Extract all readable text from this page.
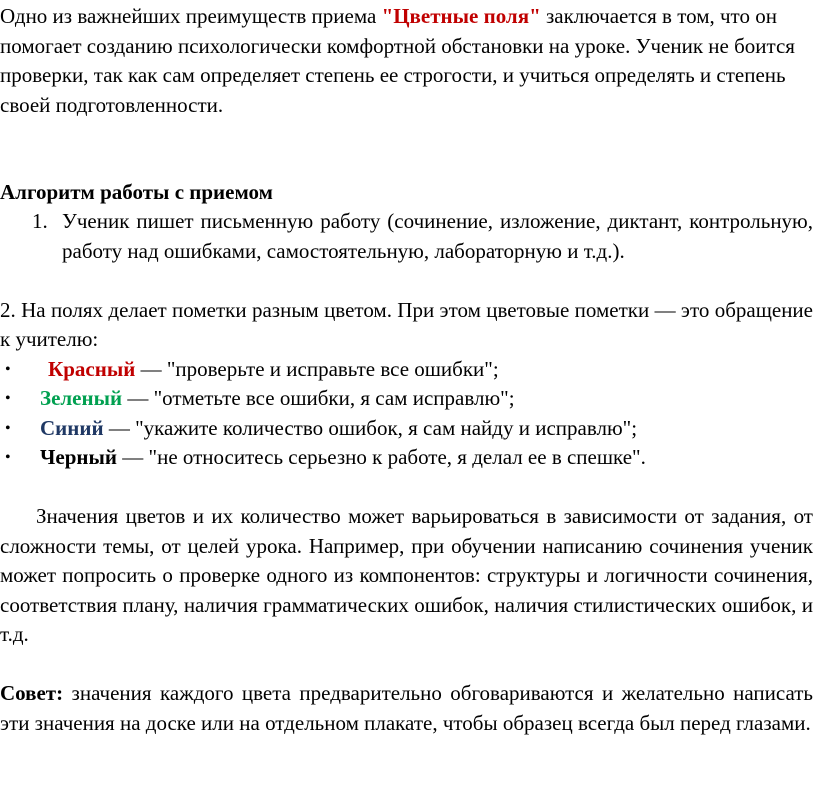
Одно из важнейших преимуществ приема "Цветные поля" заключается в том, что он помогает созданию психологически комфортной обстановки на уроке. Ученик не боится проверки, так как сам определяет степень ее строгости, и учиться определять и степень своей подготовленности.

Алгоритм работы с приемом

1. Ученик пишет письменную работу (сочинение, изложение, диктант, контрольную, работу над ошибками, самостоятельную, лабораторную и т.д.).

2. На полях делает пометки разным цветом. При этом цветовые пометки — это обращение к учителю:

• Красный — "проверьте и исправьте все ошибки";
• Зеленый — "отметьте все ошибки, я сам исправлю";
• Синий — "укажите количество ошибок, я сам найду и исправлю";
• Черный — "не относитесь серьезно к работе, я делал ее в спешке".

Значения цветов и их количество может варьироваться в зависимости от задания, от сложности темы, от целей урока. Например, при обучении написанию сочинения ученик может попросить о проверке одного из компонентов: структуры и логичности сочинения, соответствия плану, наличия грамматических ошибок, наличия стилистических ошибок, и т.д.

Совет: значения каждого цвета предварительно обговариваются и желательно написать эти значения на доске или на отдельном плакате, чтобы образец всегда был перед глазами.
